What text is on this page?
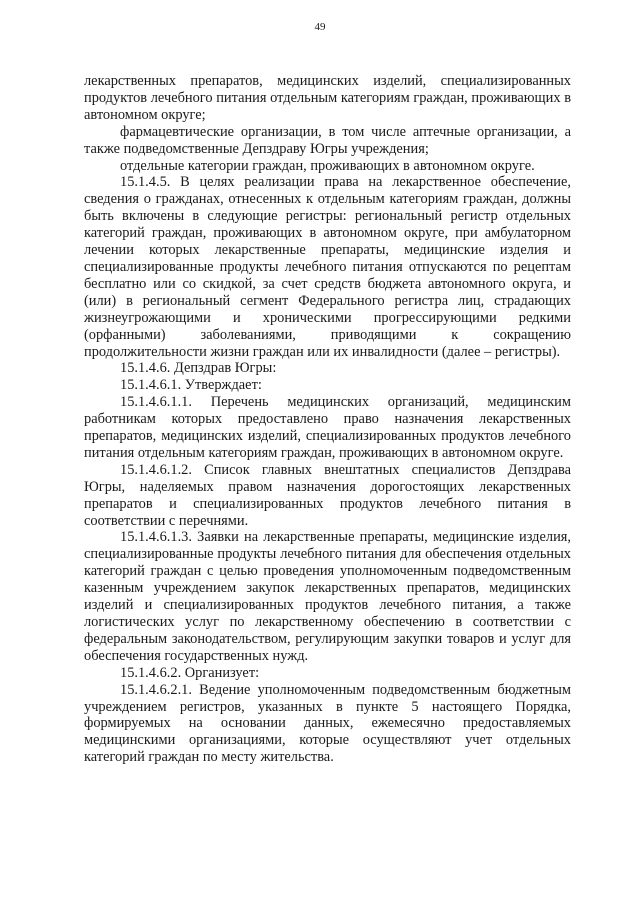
49

лекарственных препаратов, медицинских изделий, специализированных продуктов лечебного питания отдельным категориям граждан, проживающих в автономном округе;

фармацевтические организации, в том числе аптечные организации, а также подведомственные Депздраву Югры учреждения;

отдельные категории граждан, проживающих в автономном округе.

15.1.4.5. В целях реализации права на лекарственное обеспечение, сведения о гражданах, отнесенных к отдельным категориям граждан, должны быть включены в следующие регистры: региональный регистр отдельных категорий граждан, проживающих в автономном округе, при амбулаторном лечении которых лекарственные препараты, медицинские изделия и специализированные продукты лечебного питания отпускаются по рецептам бесплатно или со скидкой, за счет средств бюджета автономного округа, и (или) в региональный сегмент Федерального регистра лиц, страдающих жизнеугрожающими и хроническими прогрессирующими редкими (орфанными) заболеваниями, приводящими к сокращению продолжительности жизни граждан или их инвалидности (далее – регистры).

15.1.4.6. Депздрав Югры:

15.1.4.6.1. Утверждает:

15.1.4.6.1.1. Перечень медицинских организаций, медицинским работникам которых предоставлено право назначения лекарственных препаратов, медицинских изделий, специализированных продуктов лечебного питания отдельным категориям граждан, проживающих в автономном округе.

15.1.4.6.1.2. Список главных внештатных специалистов Депздрава Югры, наделяемых правом назначения дорогостоящих лекарственных препаратов и специализированных продуктов лечебного питания в соответствии с перечнями.

15.1.4.6.1.3. Заявки на лекарственные препараты, медицинские изделия, специализированные продукты лечебного питания для обеспечения отдельных категорий граждан с целью проведения уполномоченным подведомственным казенным учреждением закупок лекарственных препаратов, медицинских изделий и специализированных продуктов лечебного питания, а также логистических услуг по лекарственному обеспечению в соответствии с федеральным законодательством, регулирующим закупки товаров и услуг для обеспечения государственных нужд.

15.1.4.6.2. Организует:

15.1.4.6.2.1. Ведение уполномоченным подведомственным бюджетным учреждением регистров, указанных в пункте 5 настоящего Порядка, формируемых на основании данных, ежемесячно предоставляемых медицинскими организациями, которые осуществляют учет отдельных категорий граждан по месту жительства.
